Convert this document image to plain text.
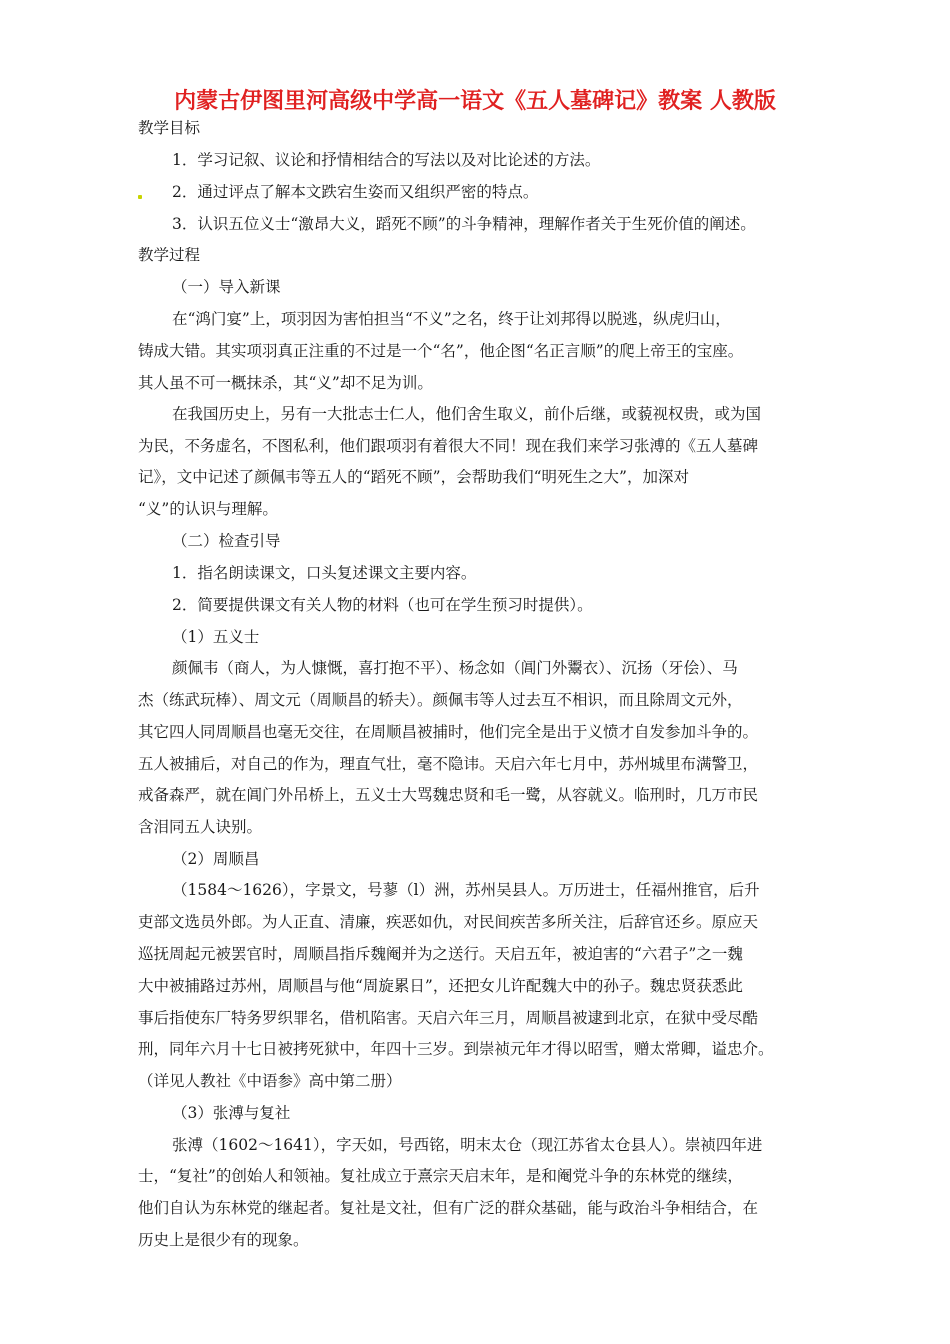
内蒙古伊图里河高级中学高一语文《五人墓碑记》教案 人教版
教学目标
1．学习记叙、议论和抒情相结合的写法以及对比论述的方法。
2．通过评点了解本文跌宕生姿而又组织严密的特点。
3．认识五位义士“激昂大义，蹈死不顾”的斗争精神，理解作者关于生死价值的阐述。
教学过程
（一）导入新课
在“鸿门宴”上，项羽因为害怕担当“不义”之名，终于让刘邦得以脱逃，纵虎归山，
铸成大错。其实项羽真正注重的不过是一个“名”，他企图“名正言顺”的爬上帝王的宝座。
其人虽不可一概抹杀，其“义”却不足为训。
在我国历史上，另有一大批志士仁人，他们舍生取义，前仆后继，或藐视权贵，或为国
为民，不务虚名，不图私利，他们跟项羽有着很大不同！现在我们来学习张溥的《五人墓碑
记》，文中记述了颜佩韦等五人的“蹈死不顾”，会帮助我们“明死生之大”，加深对
“义”的认识与理解。
（二）检查引导
1．指名朗读课文，口头复述课文主要内容。
2．简要提供课文有关人物的材料（也可在学生预习时提供）。
（1）五义士
颜佩韦（商人，为人慷慨，喜打抱不平）、杨念如（阊门外鬻衣）、沉扬（牙侩）、马
杰（练武玩棒）、周文元（周顺昌的轿夫）。颜佩韦等人过去互不相识，而且除周文元外，
其它四人同周顺昌也毫无交往，在周顺昌被捕时，他们完全是出于义愤才自发参加斗争的。
五人被捕后，对自己的作为，理直气壮，毫不隐讳。天启六年七月中，苏州城里布满警卫，
戒备森严，就在阊门外吊桥上，五义士大骂魏忠贤和毛一鹭，从容就义。临刑时，几万市民
含泪同五人诀别。
（2）周顺昌
（1584～1626），字景文，号蓼（l）洲，苏州吴县人。万历进士，任福州推官，后升
吏部文选员外郎。为人正直、清廉，疾恶如仇，对民间疾苦多所关注，后辞官还乡。原应天
巡抚周起元被罢官时，周顺昌指斥魏阉并为之送行。天启五年，被迫害的“六君子”之一魏
大中被捕路过苏州，周顺昌与他“周旋累日”，还把女儿许配魏大中的孙子。魏忠贤获悉此
事后指使东厂特务罗织罪名，借机陷害。天启六年三月，周顺昌被逮到北京，在狱中受尽酷
刑，同年六月十七日被拷死狱中，年四十三岁。到崇祯元年才得以昭雪，赠太常卿，谥忠介。
（详见人教社《中语参》高中第二册）
（3）张溥与复社
张溥（1602～1641），字天如，号西铭，明末太仓（现江苏省太仓县人）。崇祯四年进
士，“复社”的创始人和领袖。复社成立于熹宗天启末年，是和阉党斗争的东林党的继续，
他们自认为东林党的继起者。复社是文社，但有广泛的群众基础，能与政治斗争相结合，在
历史上是很少有的现象。
